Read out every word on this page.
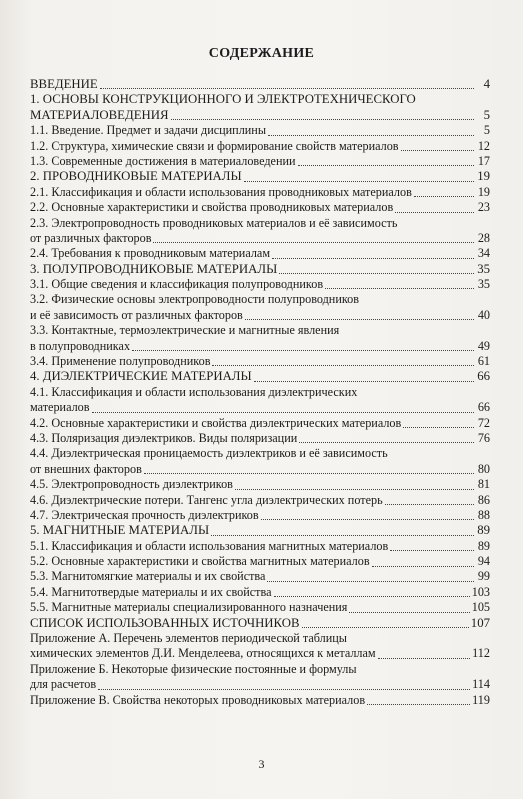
СОДЕРЖАНИЕ
ВВЕДЕНИЕ	4
1. ОСНОВЫ КОНСТРУКЦИОННОГО И ЭЛЕКТРОТЕХНИЧЕСКОГО
МАТЕРИАЛОВЕДЕНИЯ	5
1.1. Введение. Предмет и задачи дисциплины	5
1.2. Структура, химические связи и формирование свойств материалов	12
1.3. Современные достижения в материаловедении	17
2. ПРОВОДНИКОВЫЕ МАТЕРИАЛЫ	19
2.1. Классификация и области использования проводниковых материалов	19
2.2. Основные характеристики и свойства проводниковых материалов	23
2.3. Электропроводность проводниковых материалов и её зависимость
от различных факторов	28
2.4. Требования к проводниковым материалам	34
3. ПОЛУПРОВОДНИКОВЫЕ МАТЕРИАЛЫ	35
3.1. Общие сведения и классификация полупроводников	35
3.2. Физические основы электропроводности полупроводников
и её зависимость от различных факторов	40
3.3. Контактные, термоэлектрические и магнитные явления
в полупроводниках	49
3.4. Применение полупроводников	61
4. ДИЭЛЕКТРИЧЕСКИЕ МАТЕРИАЛЫ	66
4.1. Классификация и области использования диэлектрических
материалов	66
4.2. Основные характеристики и свойства диэлектрических материалов	72
4.3. Поляризация диэлектриков. Виды поляризации	76
4.4. Диэлектрическая проницаемость диэлектриков и её зависимость
от внешних факторов	80
4.5. Электропроводность диэлектриков	81
4.6. Диэлектрические потери. Тангенс угла диэлектрических потерь	86
4.7. Электрическая прочность диэлектриков	88
5. МАГНИТНЫЕ МАТЕРИАЛЫ	89
5.1. Классификация и области использования магнитных материалов	89
5.2. Основные характеристики и свойства магнитных материалов	94
5.3. Магнитомягкие материалы и их свойства	99
5.4. Магнитотвердые материалы и их свойства	103
5.5. Магнитные материалы специализированного назначения	105
СПИСОК ИСПОЛЬЗОВАННЫХ ИСТОЧНИКОВ	107
Приложение А. Перечень элементов периодической таблицы
химических элементов Д.И. Менделеева, относящихся к металлам	112
Приложение Б. Некоторые физические постоянные и формулы
для расчетов	114
Приложение В. Свойства некоторых проводниковых материалов	119
3
